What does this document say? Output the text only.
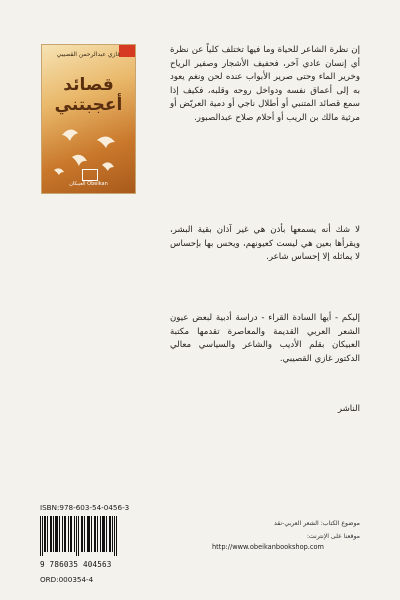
غازي عبدالرحمن القصيبي
قصائد
أعجبتني
العبيكان Obeikan
إن نظرة الشاعر للحياة وما فيها تختلف كلياً عن نظرة أي إنسان عادي آخر، فحفيف الأشجار وصفير الرياح وخرير الماء وحتى صرير الأبواب عنده لحن ونغم يعود به إلى أعماق نفسه ودواخل روحه وقلبه، فكيف إذا سمع قصائد المتنبي أو أطلال ناجي أو دمية العريّض أو مرثية مالك بن الريب أو أحلام صلاح عبدالصبور.
لا شك أنه يسمعها بأذن هي غير آذان بقية البشر، ويقرأها بعين هي ليست كعيونهم، ويحس بها بإحساس لا يماثله إلا إحساس شاعر.
إليكم - أيها السادة القراء - دراسة أدبية لبعض عيون الشعر العربي القديمة والمعاصرة تقدمها مكتبة العبيكان بقلم الأديب والشاعر والسياسي معالي الدكتور غازي القصيبي.
الناشر
ISBN:978-603-54-0456-3
9 786035 404563
ORD:000354-4
موضوع الكتاب: الشعر العربي-نقد
موقعنا على الإنترنت:
http://www.obeikanbookshop.com
